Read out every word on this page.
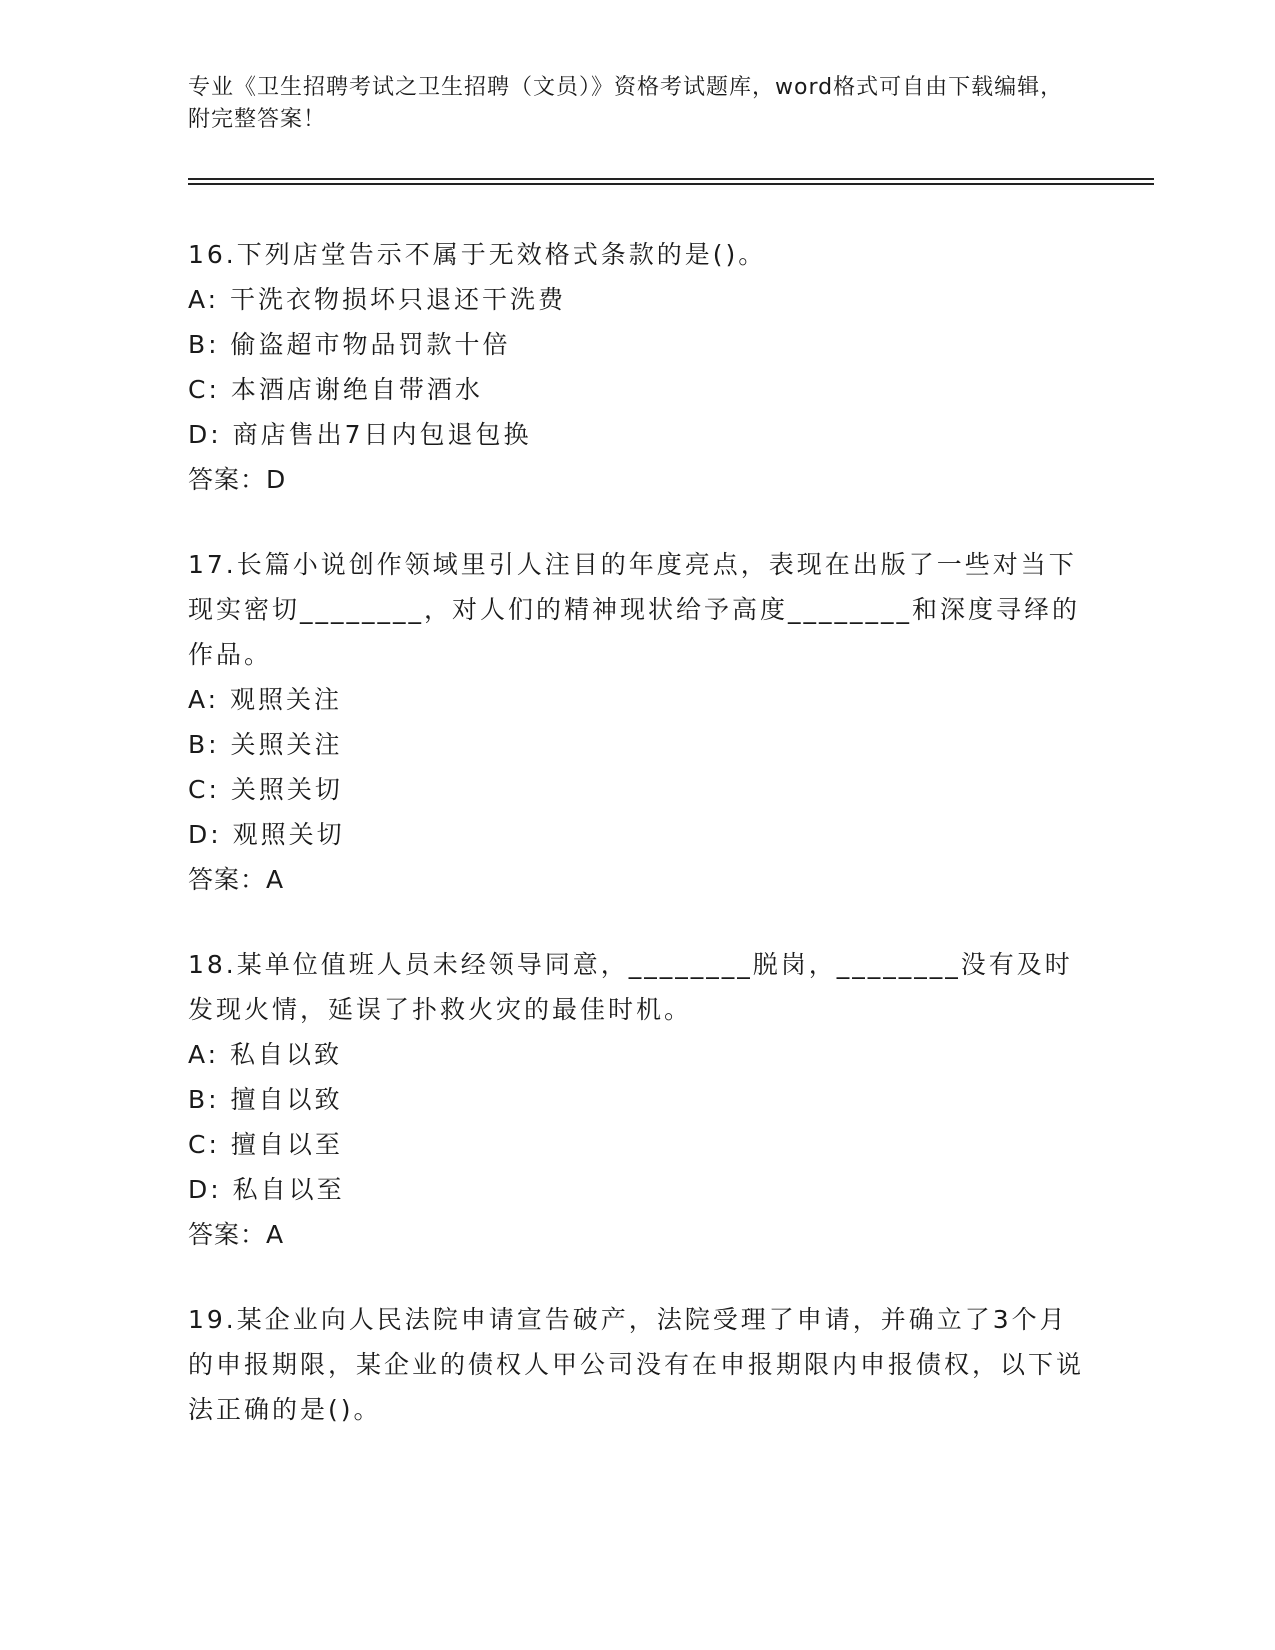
专业《卫生招聘考试之卫生招聘（文员）》资格考试题库，word格式可自由下载编辑，附完整答案！
16.下列店堂告示不属于无效格式条款的是()。
A: 干洗衣物损坏只退还干洗费
B: 偷盗超市物品罚款十倍
C: 本酒店谢绝自带酒水
D: 商店售出7日内包退包换
答案：D
17.长篇小说创作领域里引人注目的年度亮点，表现在出版了一些对当下现实密切________，对人们的精神现状给予高度________和深度寻绎的作品。
A: 观照关注
B: 关照关注
C: 关照关切
D: 观照关切
答案：A
18.某单位值班人员未经领导同意，________脱岗，________没有及时发现火情，延误了扑救火灾的最佳时机。
A: 私自以致
B: 擅自以致
C: 擅自以至
D: 私自以至
答案：A
19.某企业向人民法院申请宣告破产，法院受理了申请，并确立了3个月的申报期限，某企业的债权人甲公司没有在申报期限内申报债权，以下说法正确的是()。
